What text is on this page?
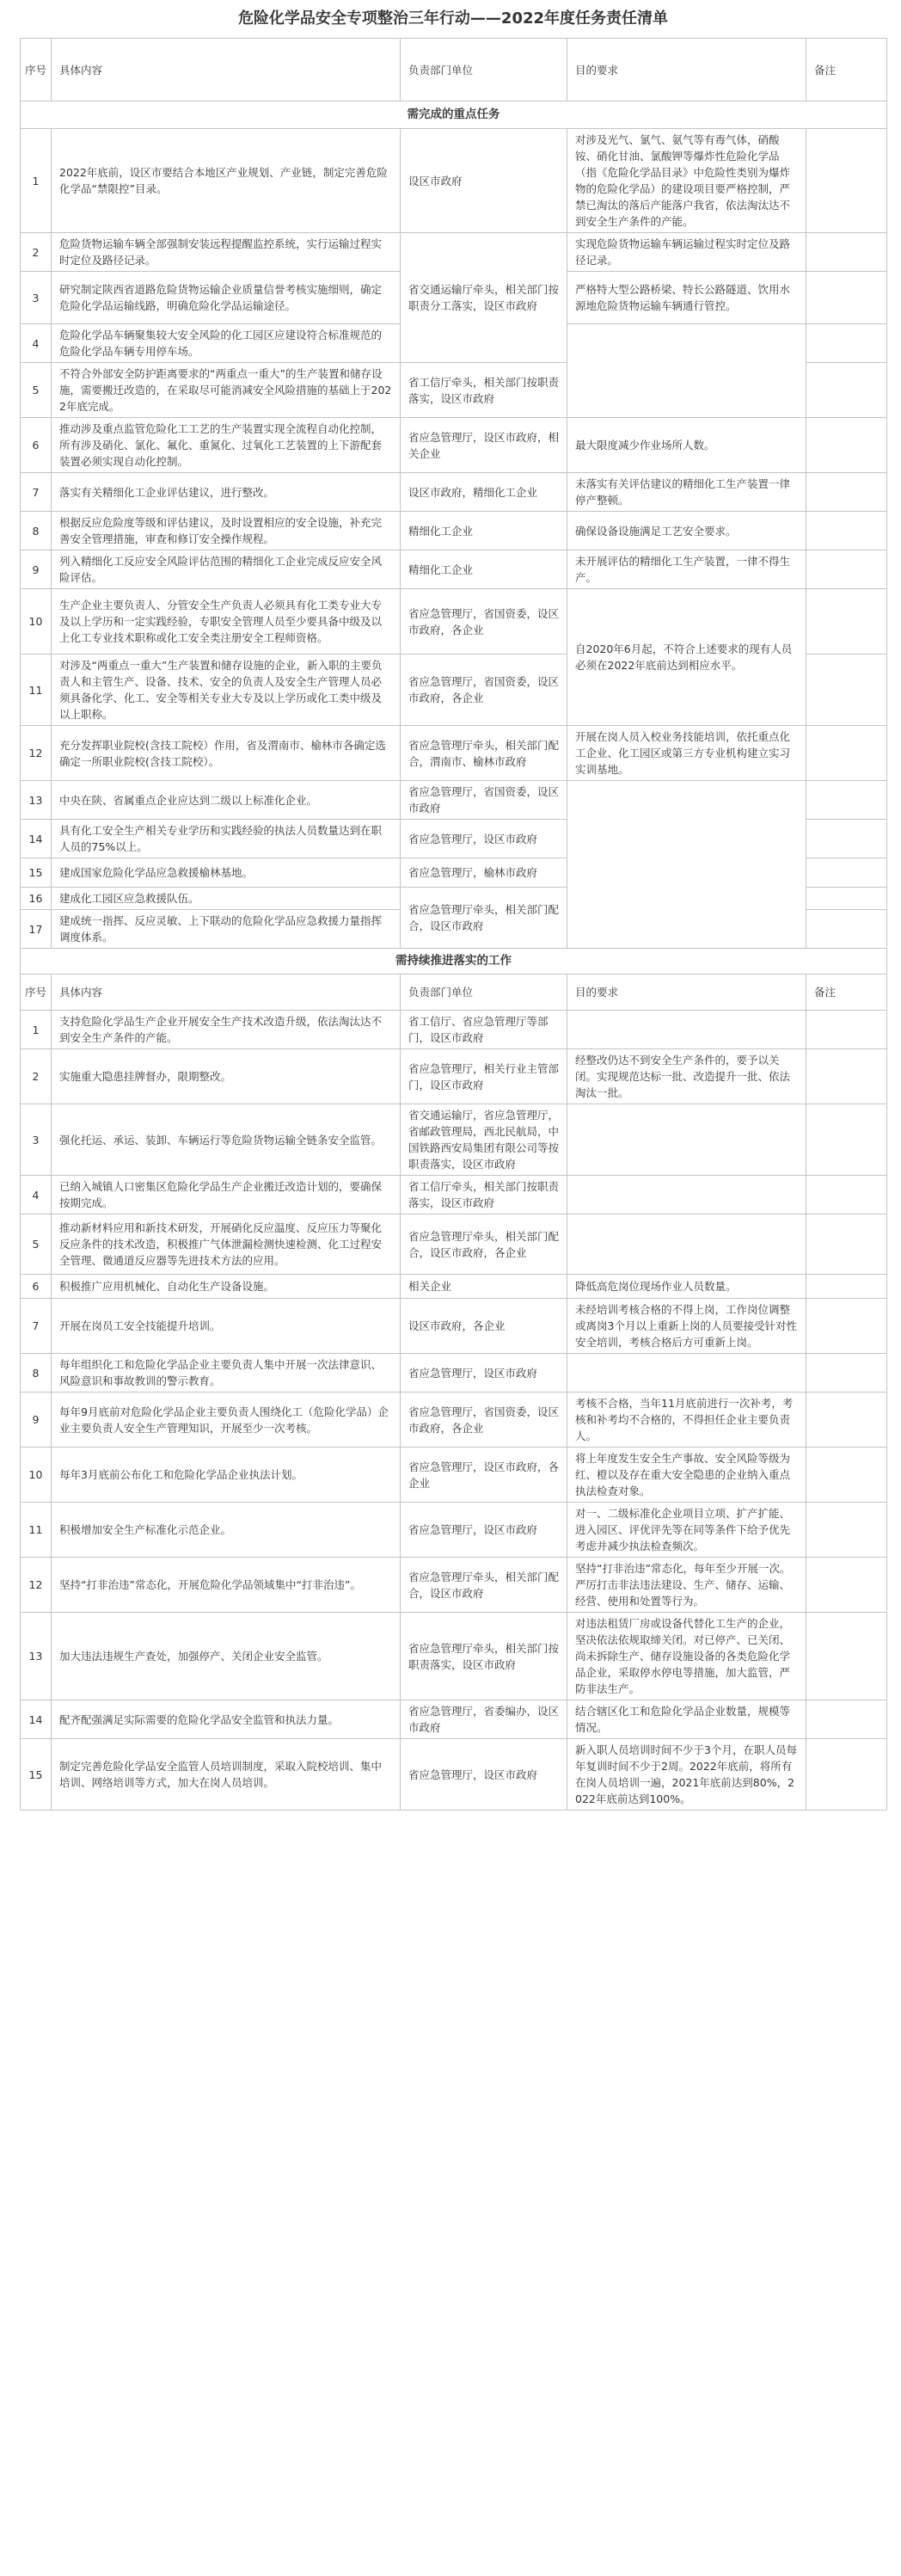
危险化学品安全专项整治三年行动——2022年度任务责任清单
序号	具体内容	负责部门单位	目的要求	备注
需完成的重点任务				
1	2022年底前，设区市要结合本地区产业规划、产业链，制定完善危险化学品“禁限控”目录。	设区市政府	对涉及光气、氯气、氨气等有毒气体，硝酸铵、硝化甘油、氯酸钾等爆炸性危险化学品（指《危险化学品目录》中危险性类别为爆炸物的危险化学品）的建设项目要严格控制，严禁已淘汰的落后产能落户我省，依法淘汰达不到安全生产条件的产能。	
2	危险货物运输车辆全部强制安装远程提醒监控系统，实行运输过程实时定位及路径记录。	省交通运输厅牵头，相关部门按职责分工落实，设区市政府	实现危险货物运输车辆运输过程实时定位及路径记录。	
3	研究制定陕西省道路危险货物运输企业质量信誉考核实施细则，确定危险化学品运输线路，明确危险化学品运输途径。		严格特大型公路桥梁、特长公路隧道、饮用水源地危险货物运输车辆通行管控。	
4	危险化学品车辆聚集较大安全风险的化工园区应建设符合标准规范的危险化学品车辆专用停车场。			
5	不符合外部安全防护距离要求的“两重点一重大”的生产装置和储存设施，需要搬迁改造的，在采取尽可能消减安全风险措施的基础上于2022年底完成。	省工信厅牵头，相关部门按职责落实，设区市政府		
6	推动涉及重点监管危险化工工艺的生产装置实现全流程自动化控制，所有涉及硝化、氯化、氟化、重氮化、过氧化工艺装置的上下游配套装置必须实现自动化控制。	省应急管理厅，设区市政府，相关企业	最大限度减少作业场所人数。	
7	落实有关精细化工企业评估建议，进行整改。	设区市政府，精细化工企业	未落实有关评估建议的精细化工生产装置一律停产整顿。	
8	根据反应危险度等级和评估建议，及时设置相应的安全设施，补充完善安全管理措施，审查和修订安全操作规程。	精细化工企业	确保设备设施满足工艺安全要求。	
9	列入精细化工反应安全风险评估范围的精细化工企业完成反应安全风险评估。	精细化工企业	未开展评估的精细化工生产装置，一律不得生产。	
10	生产企业主要负责人、分管安全生产负责人必须具有化工类专业大专及以上学历和一定实践经验，专职安全管理人员至少要具备中级及以上化工专业技术职称或化工安全类注册安全工程师资格。	省应急管理厅，省国资委，设区市政府，各企业	自2020年6月起，不符合上述要求的现有人员必须在2022年底前达到相应水平。	
11	对涉及“两重点一重大”生产装置和储存设施的企业，新入职的主要负责人和主管生产、设备、技术、安全的负责人及安全生产管理人员必须具备化学、化工、安全等相关专业大专及以上学历或化工类中级及以上职称。	省应急管理厅，省国资委，设区市政府，各企业		
12	充分发挥职业院校(含技工院校）作用，省及渭南市、榆林市各确定选确定一所职业院校(含技工院校）。	省应急管理厅牵头，相关部门配合，渭南市、榆林市政府	开展在岗人员入校业务技能培训，依托重点化工企业、化工园区或第三方专业机构建立实习实训基地。	
13	中央在陕、省属重点企业应达到二级以上标准化企业。	省应急管理厅，省国资委，设区市政府		
14	具有化工安全生产相关专业学历和实践经验的执法人员数量达到在职人员的75%以上。	省应急管理厅，设区市政府		
15	建成国家危险化学品应急救援榆林基地。	省应急管理厅，榆林市政府		
16	建成化工园区应急救援队伍。	省应急管理厅牵头，相关部门配合，设区市政府		
17	建成统一指挥、反应灵敏、上下联动的危险化学品应急救援力量指挥调度体系。			
需持续推进落实的工作				
序号	具体内容	负责部门单位	目的要求	备注
1	支持危险化学品生产企业开展安全生产技术改造升级，依法淘汰达不到安全生产条件的产能。	省工信厅、省应急管理厅等部门，设区市政府		
2	实施重大隐患挂牌督办，限期整改。	省应急管理厅，相关行业主管部门，设区市政府	经整改仍达不到安全生产条件的，要予以关闭。实现规范达标一批、改造提升一批、依法淘汰一批。	
3	强化托运、承运、装卸、车辆运行等危险货物运输全链条安全监管。	省交通运输厅，省应急管理厅，省邮政管理局，西北民航局，中国铁路西安局集团有限公司等按职责落实，设区市政府		
4	已纳入城镇人口密集区危险化学品生产企业搬迁改造计划的，要确保按期完成。	省工信厅牵头，相关部门按职责落实，设区市政府		
5	推动新材料应用和新技术研发，开展硝化反应温度、反应压力等聚化反应条件的技术改造，积极推广气体泄漏检测快速检测、化工过程安全管理、微通道反应器等先进技术方法的应用。	省应急管理厅牵头，相关部门配合，设区市政府，各企业		
6	积极推广应用机械化、自动化生产设备设施。	相关企业	降低高危岗位现场作业人员数量。	
7	开展在岗员工安全技能提升培训。	设区市政府，各企业	未经培训考核合格的不得上岗，工作岗位调整或离岗3个月以上重新上岗的人员要接受针对性安全培训，考核合格后方可重新上岗。	
8	每年组织化工和危险化学品企业主要负责人集中开展一次法律意识、风险意识和事故教训的警示教育。	省应急管理厅，设区市政府		
9	每年9月底前对危险化学品企业主要负责人围绕化工（危险化学品）企业主要负责人安全生产管理知识，开展至少一次考核。	省应急管理厅，省国资委，设区市政府，各企业	考核不合格，当年11月底前进行一次补考，考核和补考均不合格的，不得担任企业主要负责人。	
10	每年3月底前公布化工和危险化学品企业执法计划。	省应急管理厅，设区市政府，各企业	将上年度发生安全生产事故、安全风险等级为红、橙以及存在重大安全隐患的企业纳入重点执法检查对象。	
11	积极增加安全生产标准化示范企业。	省应急管理厅，设区市政府	对一、二级标准化企业项目立项、扩产扩能、进入园区、评优评先等在同等条件下给予优先考虑并减少执法检查频次。	
12	坚持“打非治违”常态化，开展危险化学品领域集中“打非治违”。	省应急管理厅牵头，相关部门配合，设区市政府	坚持“打非治违”常态化，每年至少开展一次。严厉打击非法违法建设、生产、储存、运输、经营、使用和处置等行为。	
13	加大违法违规生产查处，加强停产、关闭企业安全监管。	省应急管理厅牵头，相关部门按职责落实，设区市政府	对违法租赁厂房或设备代替化工生产的企业，坚决依法依规取缔关闭。对已停产、已关闭、尚未拆除生产、储存设施设备的各类危险化学品企业，采取停水停电等措施，加大监管，严防非法生产。	
14	配齐配强满足实际需要的危险化学品安全监管和执法力量。	省应急管理厅，省委编办，设区市政府	结合辖区化工和危险化学品企业数量，规模等情况。	
15	制定完善危险化学品安全监管人员培训制度，采取入院校培训、集中培训、网络培训等方式，加大在岗人员培训。	省应急管理厅，设区市政府	新入职人员培训时间不少于3个月，在职人员每年复训时间不少于2周。2022年底前，将所有在岗人员培训一遍，2021年底前达到80%，2022年底前达到100%。	
